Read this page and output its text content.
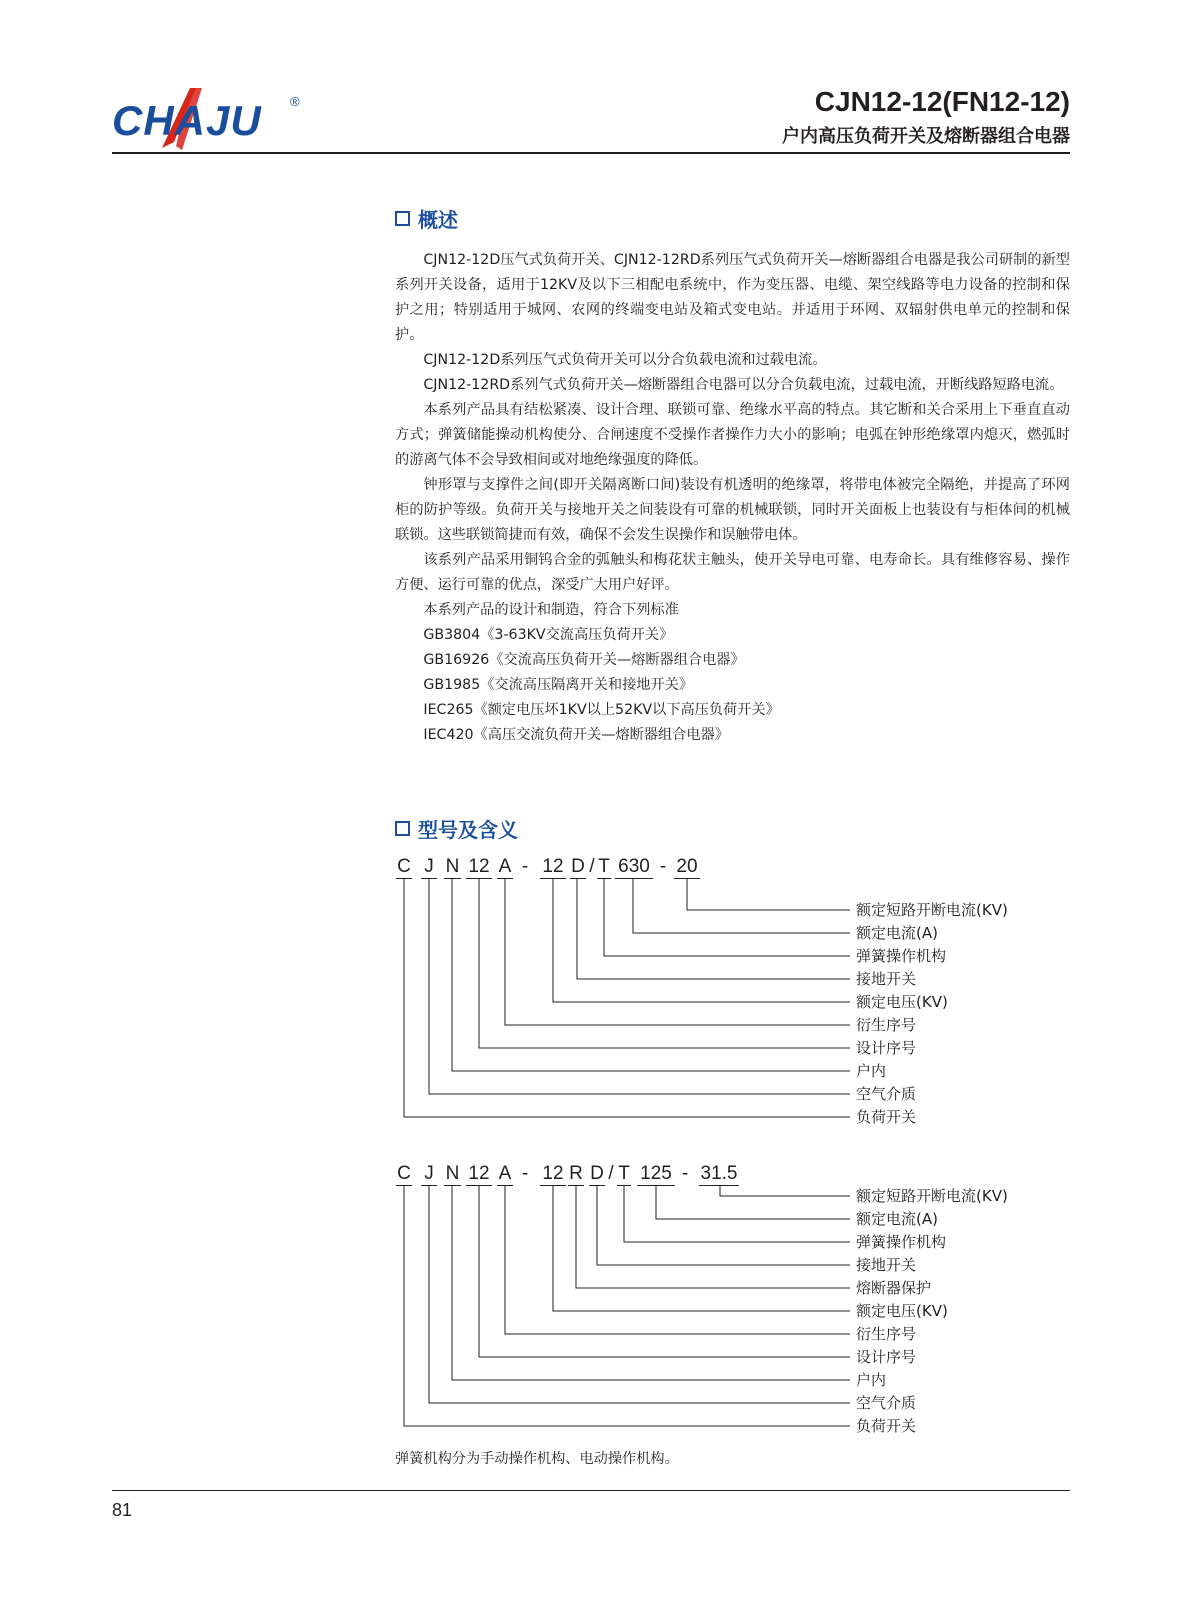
CHAJU ®	CJN12-12(FN12-12)
户内高压负荷开关及熔断器组合电器
概述

CJN12-12D压气式负荷开关、CJN12-12RD系列压气式负荷开关—熔断器组合电器是我公司研制的新型系列开关设备，适用于12KV及以下三相配电系统中，作为变压器、电缆、架空线路等电力设备的控制和保护之用；特别适用于城网、农网的终端变电站及箱式变电站。并适用于环网、双辐射供电单元的控制和保护。

CJN12-12D系列压气式负荷开关可以分合负载电流和过载电流。

CJN12-12RD系列气式负荷开关—熔断器组合电器可以分合负载电流，过载电流，开断线路短路电流。

本系列产品具有结松紧凑、设计合理、联锁可靠、绝缘水平高的特点。其它断和关合采用上下垂直直动方式；弹簧储能操动机构使分、合闸速度不受操作者操作力大小的影响；电弧在钟形绝缘罩内熄灭，燃弧时的游离气体不会导致相间或对地绝缘强度的降低。

钟形罩与支撑件之间(即开关隔离断口间)装设有机透明的绝缘罩，将带电体被完全隔绝，并提高了环网柜的防护等级。负荷开关与接地开关之间装设有可靠的机械联锁，同时开关面板上也装设有与柜体间的机械联锁。这些联锁简捷而有效，确保不会发生误操作和误触带电体。

该系列产品采用铜钨合金的弧触头和梅花状主触头，使开关导电可靠、电寿命长。具有维修容易、操作方便、运行可靠的优点，深受广大用户好评。

本系列产品的设计和制造，符合下列标准

GB3804《3-63KV交流高压负荷开关》

GB16926《交流高压负荷开关—熔断器组合电器》

GB1985《交流高压隔离开关和接地开关》

IEC265《额定电压坏1KV以上52KV以下高压负荷开关》

IEC420《高压交流负荷开关—熔断器组合电器》

型号及含义
C J N 12 A - 12 D / T 630 - 20
额定短路开断电流(KV)
额定电流(A)
弹簧操作机构
接地开关
额定电压(KV)
衍生序号
设计序号
户内
空气介质
负荷开关
C J N 12 A - 12 R D / T 125 - 31.5
额定短路开断电流(KV)
额定电流(A)
弹簧操作机构
接地开关
熔断器保护
额定电压(KV)
衍生序号
设计序号
户内
空气介质
负荷开关
弹簧机构分为手动操作机构、电动操作机构。
81
